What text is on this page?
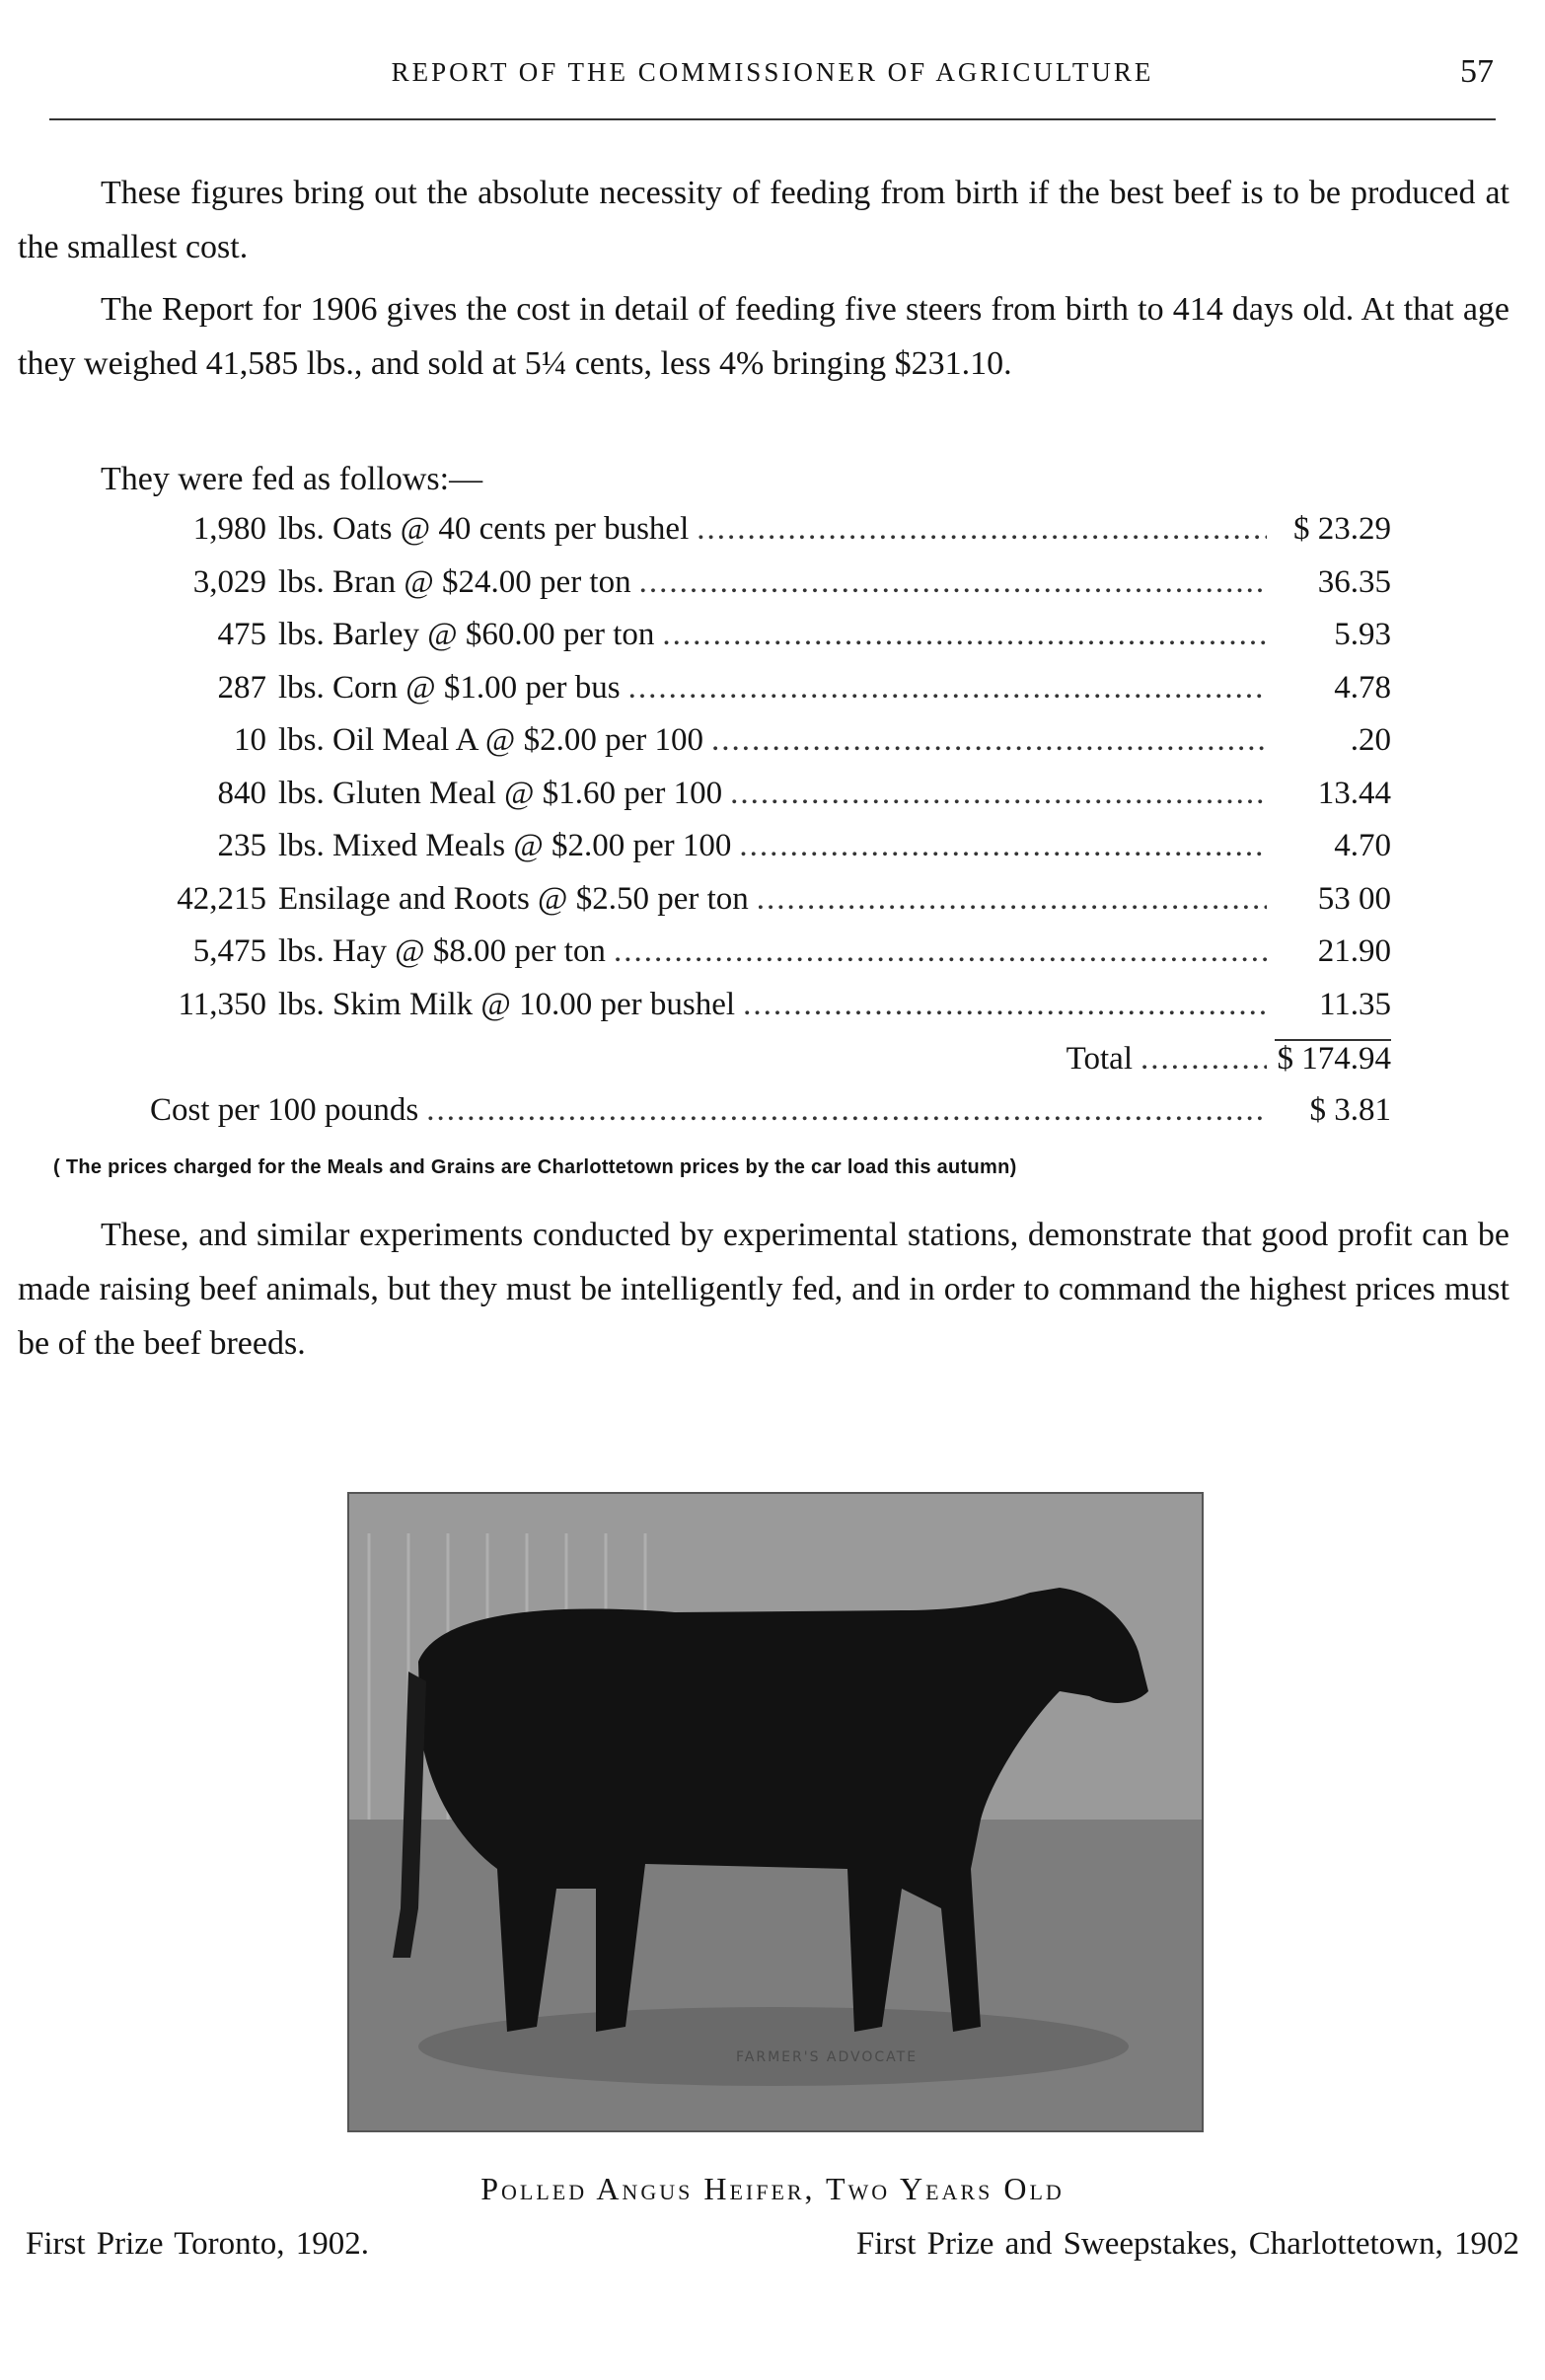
REPORT OF THE COMMISSIONER OF AGRICULTURE	57

These figures bring out the absolute necessity of feeding from birth if the best beef is to be produced at the smallest cost.

The Report for 1906 gives the cost in detail of feeding five steers from birth to 414 days old. At that age they weighed 41,585 lbs., and sold at 5¼ cents, less 4% bringing $231.10.

They were fed as follows:—

1,980 lbs. Oats @ 40 cents per bushel .....	$ 23.29
3,029 lbs. Bran @ $24.00 per ton .....	36.35
475 lbs. Barley @ $60.00 per ton .....	5.93
287 lbs. Corn @ $1.00 per bus .....	4.78
10 lbs. Oil Meal A @ $2.00 per 100 .....	.20
840 lbs. Gluten Meal @ $1.60 per 100 .....	13.44
235 lbs. Mixed Meals @ $2.00 per 100 .....	4.70
42,215 Ensilage and Roots @ $2.50 per ton .....	53 00
5,475 lbs. Hay @ $8.00 per ton .....	21.90
11,350 lbs. Skim Milk @ 10.00 per bushel .....	11.35
Total .....	$ 174.94
Cost per 100 pounds .....	$ 3.81
( The prices charged for the Meals and Grains are Charlottetown prices by the car load this autumn)

These, and similar experiments conducted by experimental stations, demonstrate that good profit can be made raising beef animals, but they must be intelligently fed, and in order to command the highest prices must be of the beef breeds.

FARMER'S ADVOCATE
Polled Angus Heifer, Two Years Old
First Prize Toronto, 1902.	First Prize and Sweepstakes, Charlottetown, 1902
